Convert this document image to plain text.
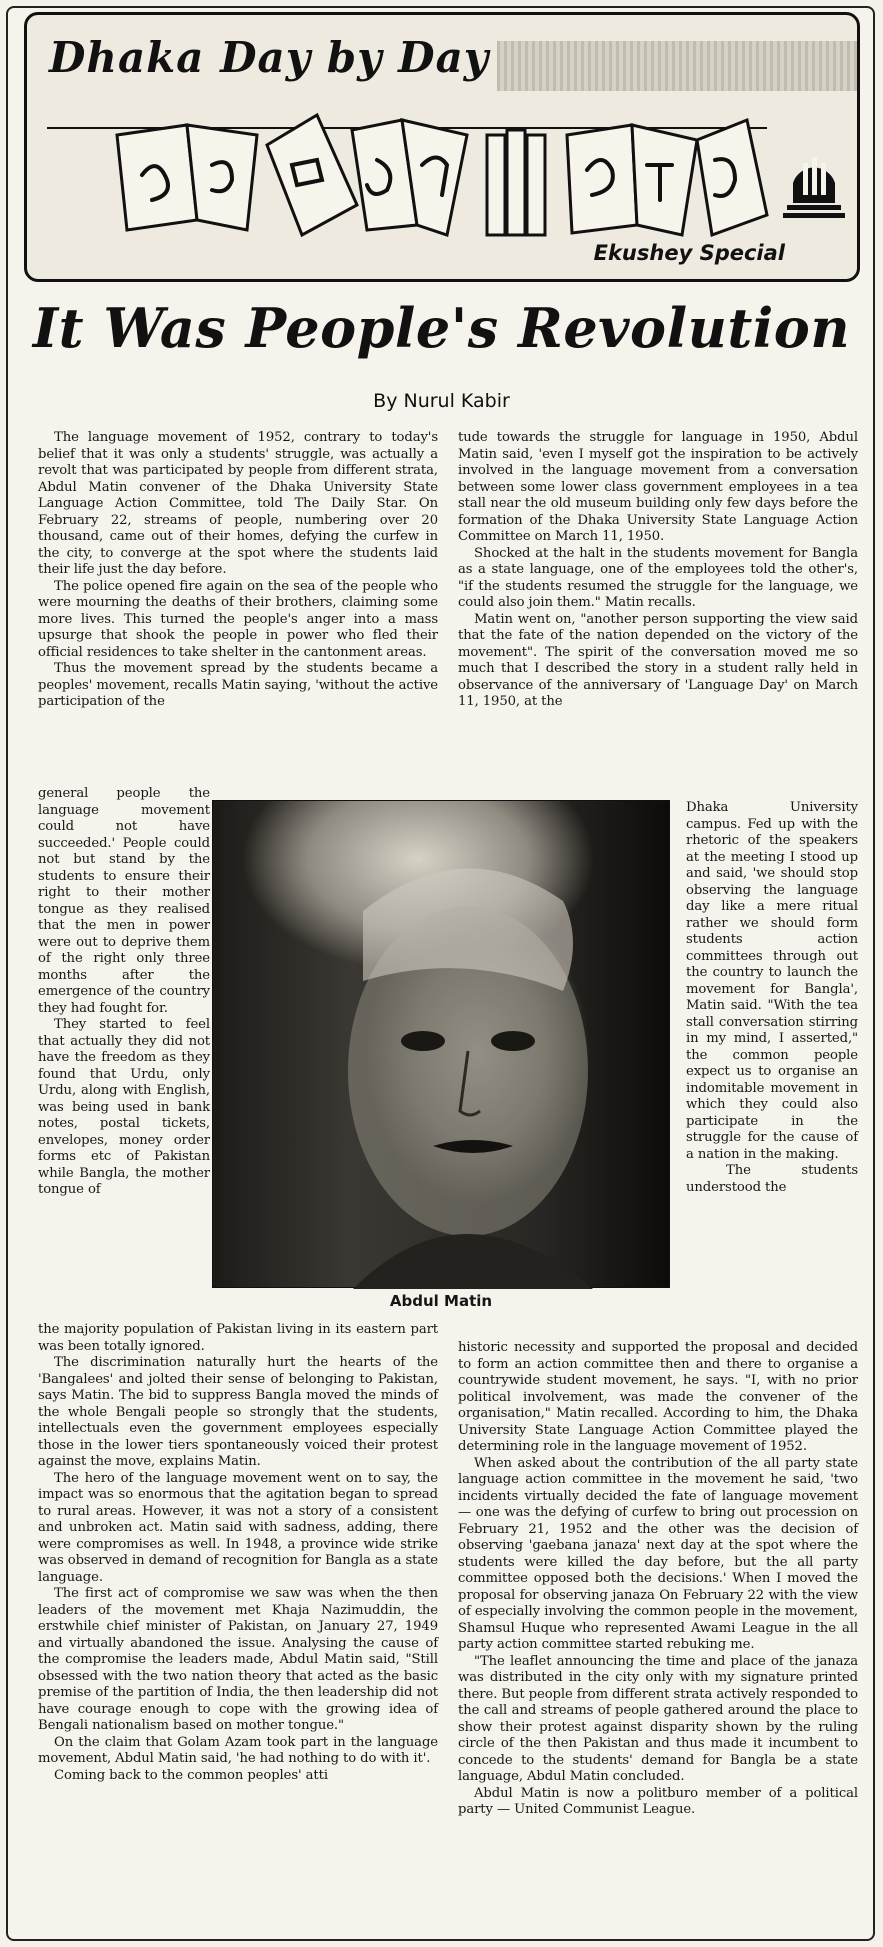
Dhaka Day by Day
Ekushey Special
It Was People's Revolution
By Nurul Kabir

The language movement of 1952, contrary to today's belief that it was only a students' struggle, was actually a revolt that was participated by people from different strata, Abdul Matin convener of the Dhaka University State Language Action Committee, told The Daily Star. On February 22, streams of people, numbering over 20 thousand, came out of their homes, defying the curfew in the city, to converge at the spot where the students laid their life just the day before.

The police opened fire again on the sea of the people who were mourning the deaths of their brothers, claiming some more lives. This turned the people's anger into a mass upsurge that shook the people in power who fled their official residences to take shelter in the cantonment areas.

Thus the movement spread by the students became a peoples' movement, recalls Matin saying, 'without the active participation of the

general people the language movement could not have succeeded.' People could not but stand by the students to ensure their right to their mother tongue as they realised that the men in power were out to deprive them of the right only three months after the emergence of the country they had fought for.

They started to feel that actually they did not have the freedom as they found that Urdu, only Urdu, along with English, was being used in bank notes, postal tickets, envelopes, money order forms etc of Pakistan while Bangla, the mother tongue of

Abdul Matin

the majority population of Pakistan living in its eastern part was been totally ignored.

The discrimination naturally hurt the hearts of the 'Bangalees' and jolted their sense of belonging to Pakistan, says Matin. The bid to suppress Bangla moved the minds of the whole Bengali people so strongly that the students, intellectuals even the government employees especially those in the lower tiers spontaneously voiced their protest against the move, explains Matin.

The hero of the language movement went on to say, the impact was so enormous that the agitation began to spread to rural areas. However, it was not a story of a consistent and unbroken act. Matin said with sadness, adding, there were compromises as well. In 1948, a province wide strike was observed in demand of recognition for Bangla as a state language.

The first act of compromise we saw was when the then leaders of the movement met Khaja Nazimuddin, the erstwhile chief minister of Pakistan, on January 27, 1949 and virtually abandoned the issue. Analysing the cause of the compromise the leaders made, Abdul Matin said, "Still obsessed with the two nation theory that acted as the basic premise of the partition of India, the then leadership did not have courage enough to cope with the growing idea of Bengali nationalism based on mother tongue."

On the claim that Golam Azam took part in the language movement, Abdul Matin said, 'he had nothing to do with it'.

Coming back to the common peoples' atti

tude towards the struggle for language in 1950, Abdul Matin said, 'even I myself got the inspiration to be actively involved in the language movement from a conversation between some lower class government employees in a tea stall near the old museum building only few days before the formation of the Dhaka University State Language Action Committee on March 11, 1950.

Shocked at the halt in the students movement for Bangla as a state language, one of the employees told the other's, "if the students resumed the struggle for the language, we could also join them." Matin recalls.

Matin went on, "another person supporting the view said that the fate of the nation depended on the victory of the movement". The spirit of the conversation moved me so much that I described the story in a student rally held in observance of the anniversary of 'Language Day' on March 11, 1950, at the

Dhaka University campus. Fed up with the rhetoric of the speakers at the meeting I stood up and said, 'we should stop observing the language day like a mere ritual rather we should form students action committees through out the country to launch the movement for Bangla', Matin said. "With the tea stall conversation stirring in my mind, I asserted," the common people expect us to organise an indomitable movement in which they could also participate in the struggle for the cause of a nation in the making.

The students understood the

historic necessity and supported the proposal and decided to form an action committee then and there to organise a countrywide student movement, he says. "I, with no prior political involvement, was made the convener of the organisation," Matin recalled. According to him, the Dhaka University State Language Action Committee played the determining role in the language movement of 1952.

When asked about the contribution of the all party state language action committee in the movement he said, 'two incidents virtually decided the fate of language movement — one was the defying of curfew to bring out procession on February 21, 1952 and the other was the decision of observing 'gaebana janaza' next day at the spot where the students were killed the day before, but the all party committee opposed both the decisions.' When I moved the proposal for observing janaza On February 22 with the view of especially involving the common people in the movement, Shamsul Huque who represented Awami League in the all party action committee started rebuking me.

"The leaflet announcing the time and place of the janaza was distributed in the city only with my signature printed there. But people from different strata actively responded to the call and streams of people gathered around the place to show their protest against disparity shown by the ruling circle of the then Pakistan and thus made it incumbent to concede to the students' demand for Bangla be a state language, Abdul Matin concluded.

Abdul Matin is now a politburo member of a political party — United Communist League.
